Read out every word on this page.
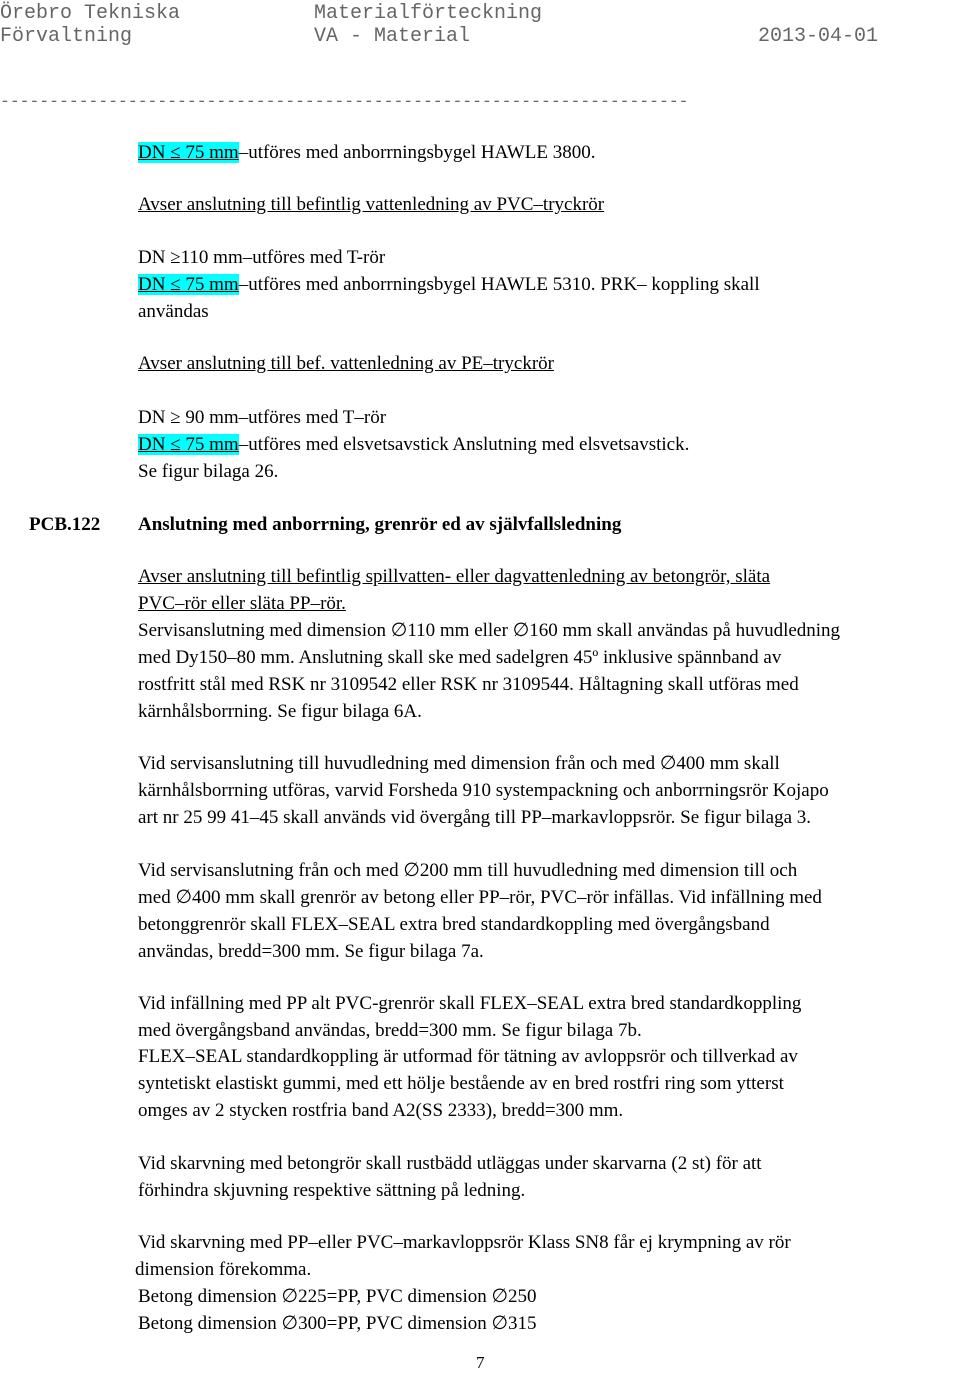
Örebro Tekniska
Förvaltning
Materialförteckning
VA - Material	2013-04-01
----------------------------------------------------------------------
DN ≤ 75 mm–utföres med anborrningsbygel HAWLE 3800.
Avser anslutning till befintlig vattenledning av PVC–tryckrör
DN ≥110 mm–utföres med T-rör
DN ≤ 75 mm–utföres med anborrningsbygel HAWLE 5310. PRK– koppling skall
användas
Avser anslutning till bef. vattenledning av PE–tryckrör
DN ≥ 90 mm–utföres med T–rör
DN ≤ 75 mm–utföres med elsvetsavstick Anslutning med elsvetsavstick.
Se figur bilaga 26.
PCB.122 Anslutning med anborrning, grenrör ed av självfallsledning
Avser anslutning till befintlig spillvatten- eller dagvattenledning av betongrör, släta
PVC–rör eller släta PP–rör.
Servisanslutning med dimension ∅110 mm eller ∅160 mm skall användas på huvudledning
med Dy150–80 mm. Anslutning skall ske med sadelgren 45º inklusive spännband av
rostfritt stål med RSK nr 3109542 eller RSK nr 3109544. Håltagning skall utföras med
kärnhålsborrning. Se figur bilaga 6A.
Vid servisanslutning till huvudledning med dimension från och med ∅400 mm skall
kärnhålsborrning utföras, varvid Forsheda 910 systempackning och anborrningsrör Kojapo
art nr 25 99 41–45 skall används vid övergång till PP–markavloppsrör. Se figur bilaga 3.
Vid servisanslutning från och med ∅200 mm till huvudledning med dimension till och
med ∅400 mm skall grenrör av betong eller PP–rör, PVC–rör infällas. Vid infällning med
betonggrenrör skall FLEX–SEAL extra bred standardkoppling med övergångsband
användas, bredd=300 mm. Se figur bilaga 7a.
Vid infällning med PP alt PVC-grenrör skall FLEX–SEAL extra bred standardkoppling
med övergångsband användas, bredd=300 mm. Se figur bilaga 7b.
FLEX–SEAL standardkoppling är utformad för tätning av avloppsrör och tillverkad av
syntetiskt elastiskt gummi, med ett hölje bestående av en bred rostfri ring som ytterst
omges av 2 stycken rostfria band A2(SS 2333), bredd=300 mm.
Vid skarvning med betongrör skall rustbädd utläggas under skarvarna (2 st) för att
förhindra skjuvning respektive sättning på ledning.
Vid skarvning med PP–eller PVC–markavloppsrör Klass SN8 får ej krympning av rör
dimension förekomma.
Betong dimension ∅225=PP, PVC dimension ∅250
Betong dimension ∅300=PP, PVC dimension ∅315
7
